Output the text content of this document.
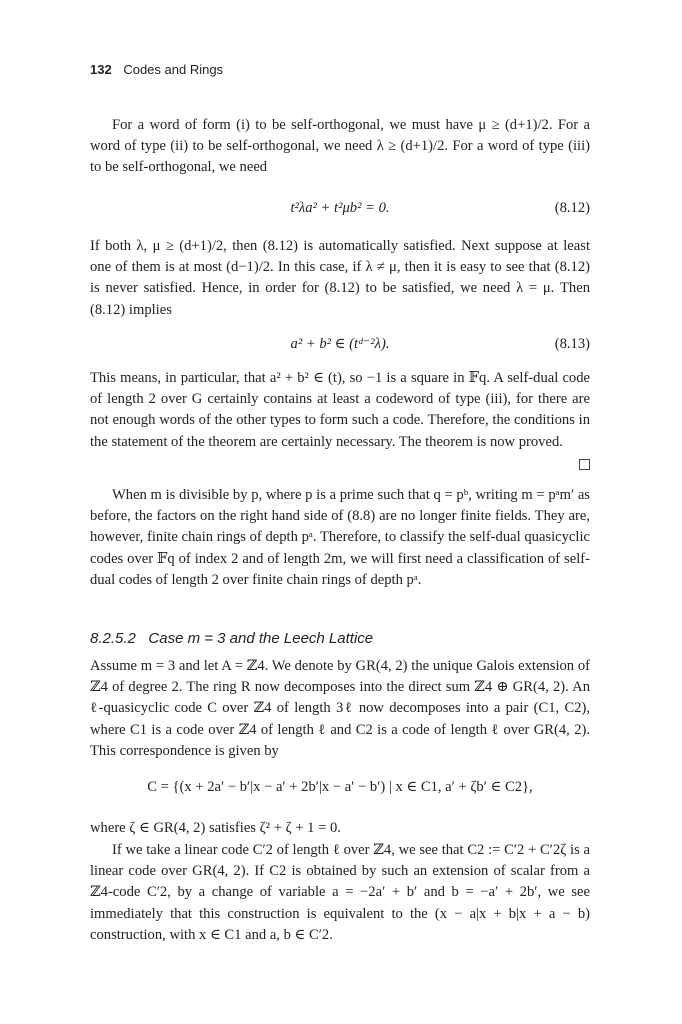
132 Codes and Rings

For a word of form (i) to be self-orthogonal, we must have μ ≥ (d+1)/2. For a word of type (ii) to be self-orthogonal, we need λ ≥ (d+1)/2. For a word of type (iii) to be self-orthogonal, we need

t²λa² + t²μb² = 0.	(8.12)

If both λ, μ ≥ (d+1)/2, then (8.12) is automatically satisfied. Next suppose at least one of them is at most (d−1)/2. In this case, if λ ≠ μ, then it is easy to see that (8.12) is never satisfied. Hence, in order for (8.12) to be satisfied, we need λ = μ. Then (8.12) implies

a² + b² ∈ (tᵈ⁻²λ).	(8.13)

This means, in particular, that a² + b² ∈ (t), so −1 is a square in 𝔽q. A self-dual code of length 2 over G certainly contains at least a codeword of type (iii), for there are not enough words of the other types to form such a code. Therefore, the conditions in the statement of the theorem are certainly necessary. The theorem is now proved.

When m is divisible by p, where p is a prime such that q = pᵇ, writing m = pᵃm′ as before, the factors on the right hand side of (8.8) are no longer finite fields. They are, however, finite chain rings of depth pᵃ. Therefore, to classify the self-dual quasicyclic codes over 𝔽q of index 2 and of length 2m, we will first need a classification of self-dual codes of length 2 over finite chain rings of depth pᵃ.

8.2.5.2 Case m = 3 and the Leech Lattice

Assume m = 3 and let A = ℤ4. We denote by GR(4, 2) the unique Galois extension of ℤ4 of degree 2. The ring R now decomposes into the direct sum ℤ4 ⊕ GR(4, 2). An ℓ-quasicyclic code C over ℤ4 of length 3ℓ now decomposes into a pair (C1, C2), where C1 is a code over ℤ4 of length ℓ and C2 is a code of length ℓ over GR(4, 2). This correspondence is given by

C = {(x + 2a′ − b′|x − a′ + 2b′|x − a′ − b′) | x ∈ C1, a′ + ζb′ ∈ C2},

where ζ ∈ GR(4, 2) satisfies ζ² + ζ + 1 = 0.

If we take a linear code C′2 of length ℓ over ℤ4, we see that C2 := C′2 + C′2ζ is a linear code over GR(4, 2). If C2 is obtained by such an extension of scalar from a ℤ4-code C′2, by a change of variable a = −2a′ + b′ and b = −a′ + 2b′, we see immediately that this construction is equivalent to the (x − a|x + b|x + a − b) construction, with x ∈ C1 and a, b ∈ C′2.
